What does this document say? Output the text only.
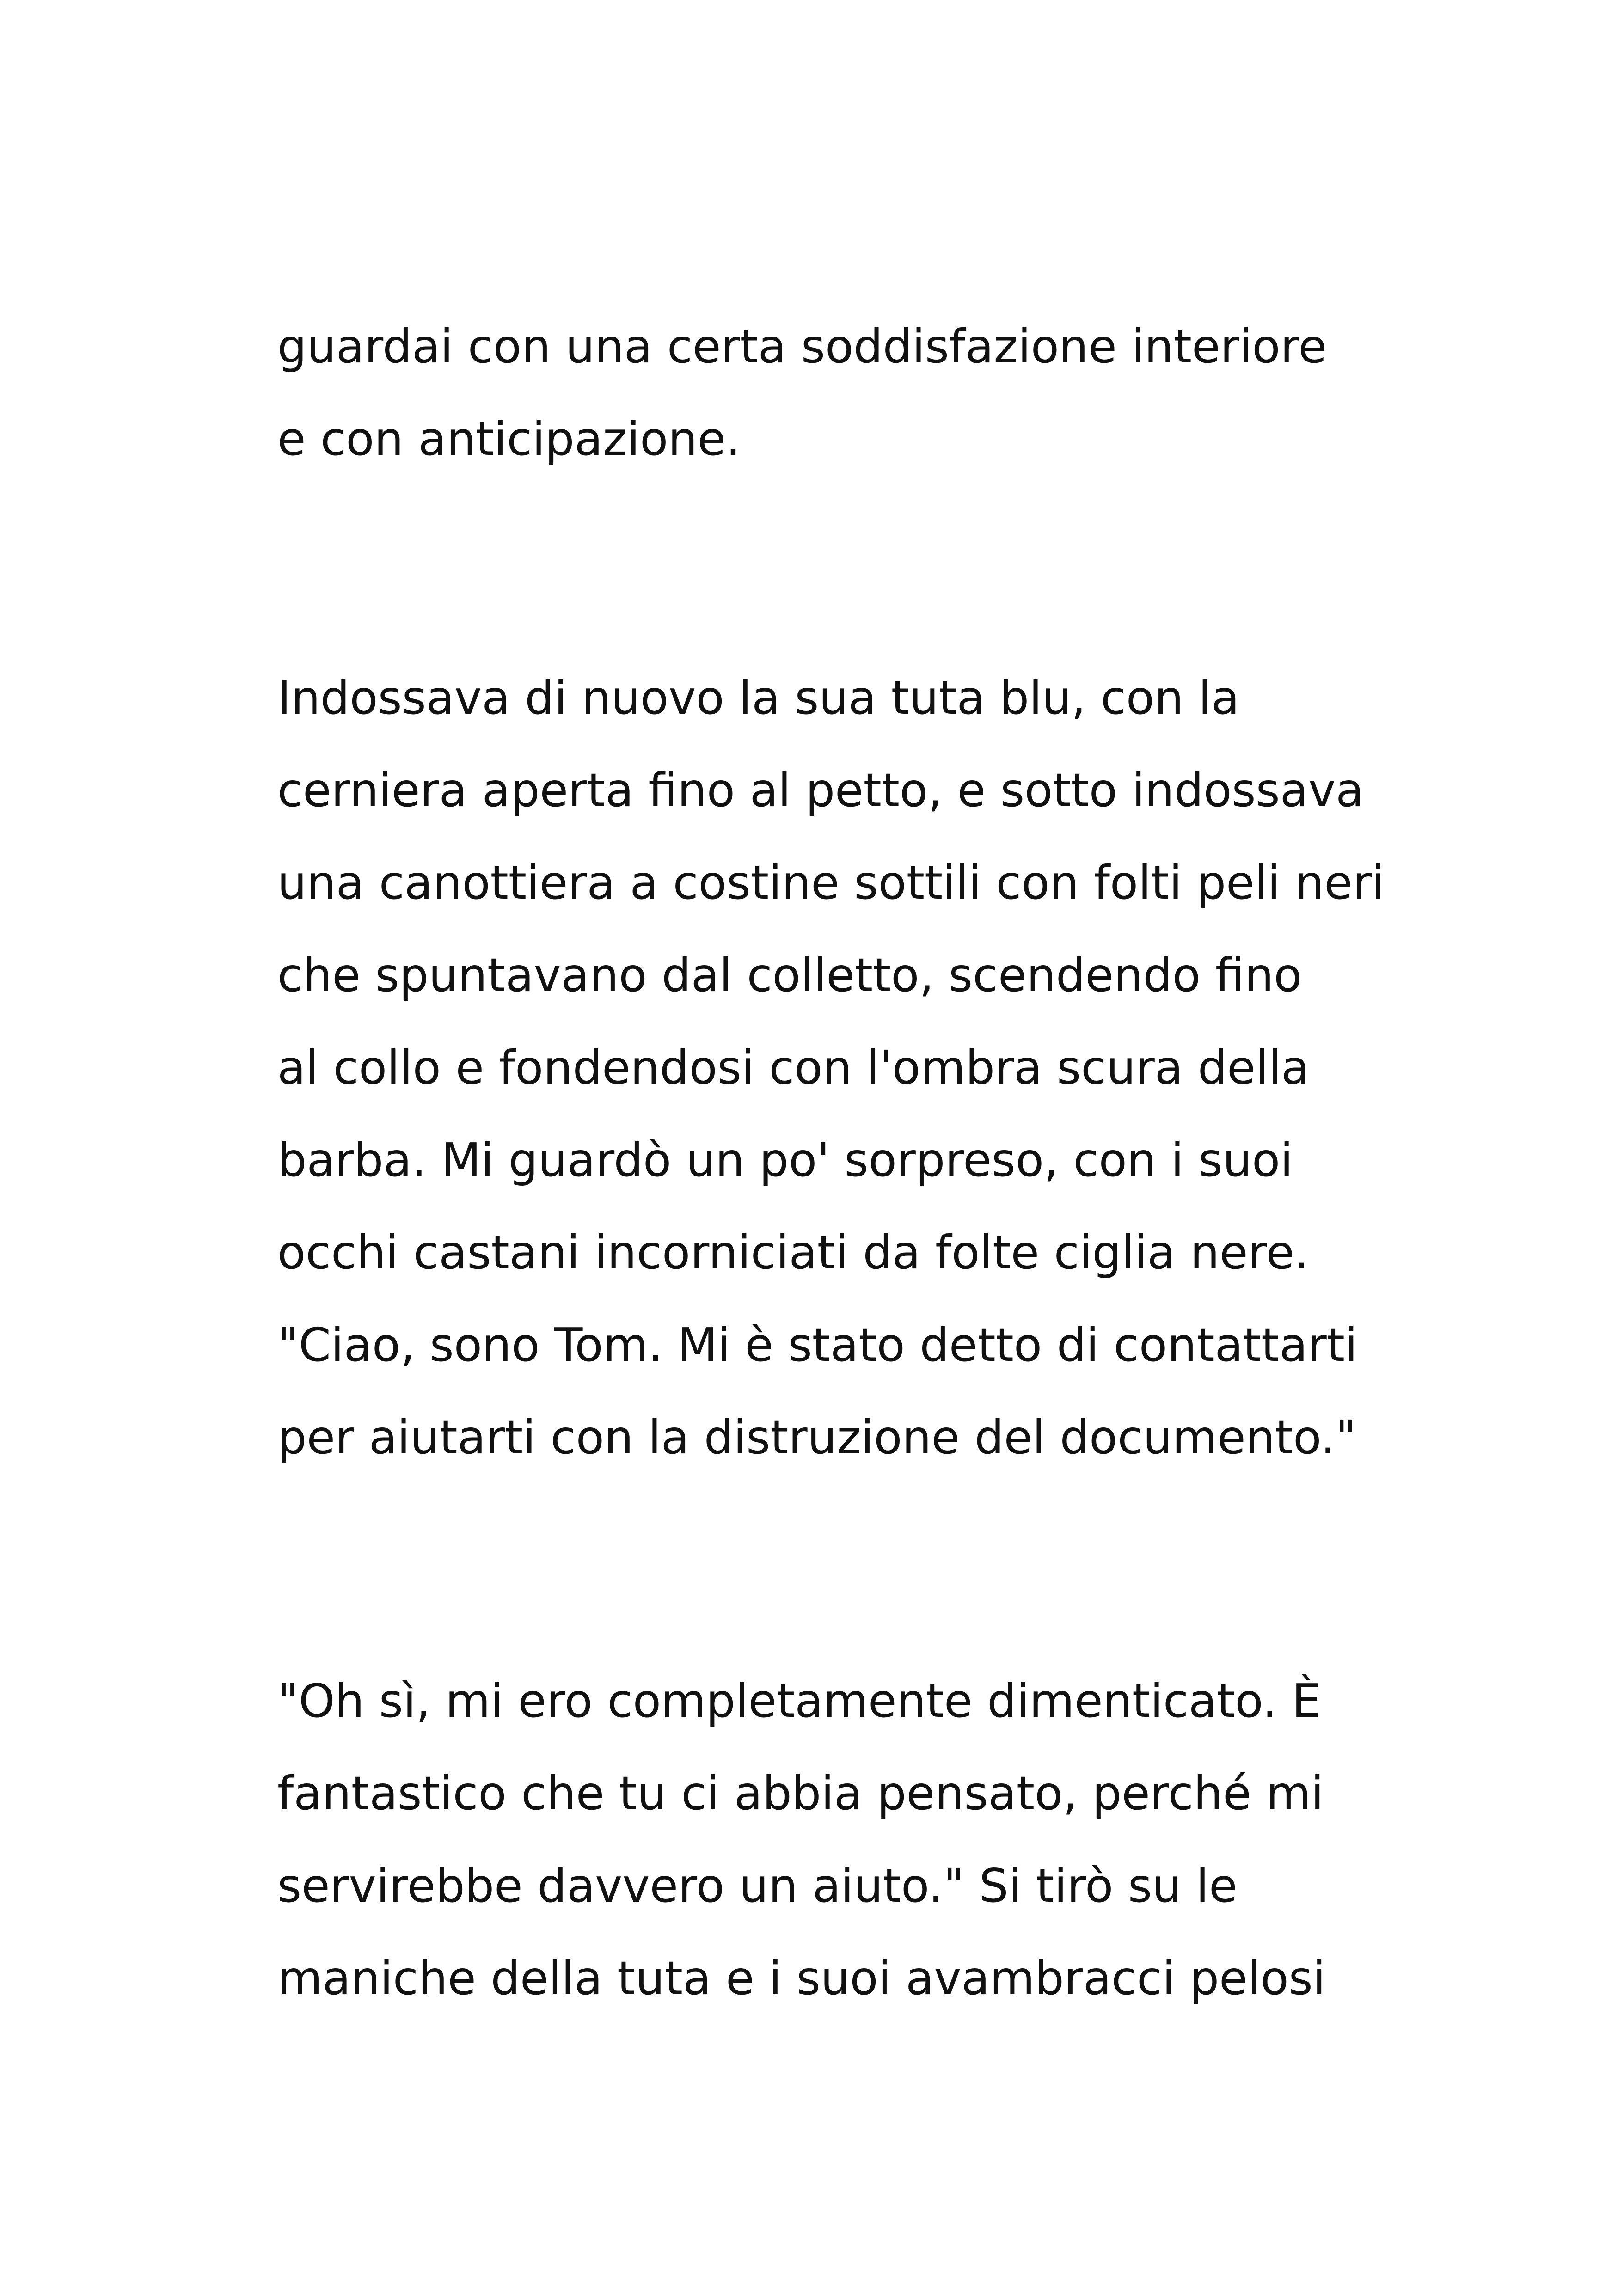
guardai con una certa soddisfazione interiore
e con anticipazione.
Indossava di nuovo la sua tuta blu, con la
cerniera aperta fino al petto, e sotto indossava
una canottiera a costine sottili con folti peli neri
che spuntavano dal colletto, scendendo fino
al collo e fondendosi con l'ombra scura della
barba. Mi guardò un po' sorpreso, con i suoi
occhi castani incorniciati da folte ciglia nere.
"Ciao, sono Tom. Mi è stato detto di contattarti
per aiutarti con la distruzione del documento."
"Oh sì, mi ero completamente dimenticato. È
fantastico che tu ci abbia pensato, perché mi
servirebbe davvero un aiuto." Si tirò su le
maniche della tuta e i suoi avambracci pelosi
